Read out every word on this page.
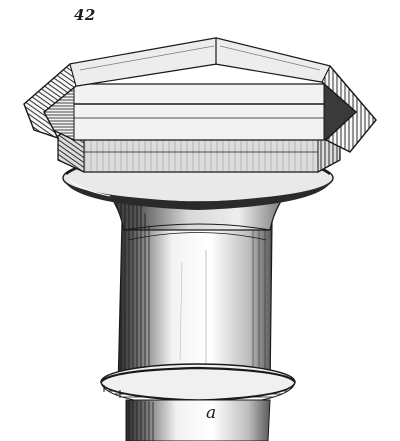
42
a
